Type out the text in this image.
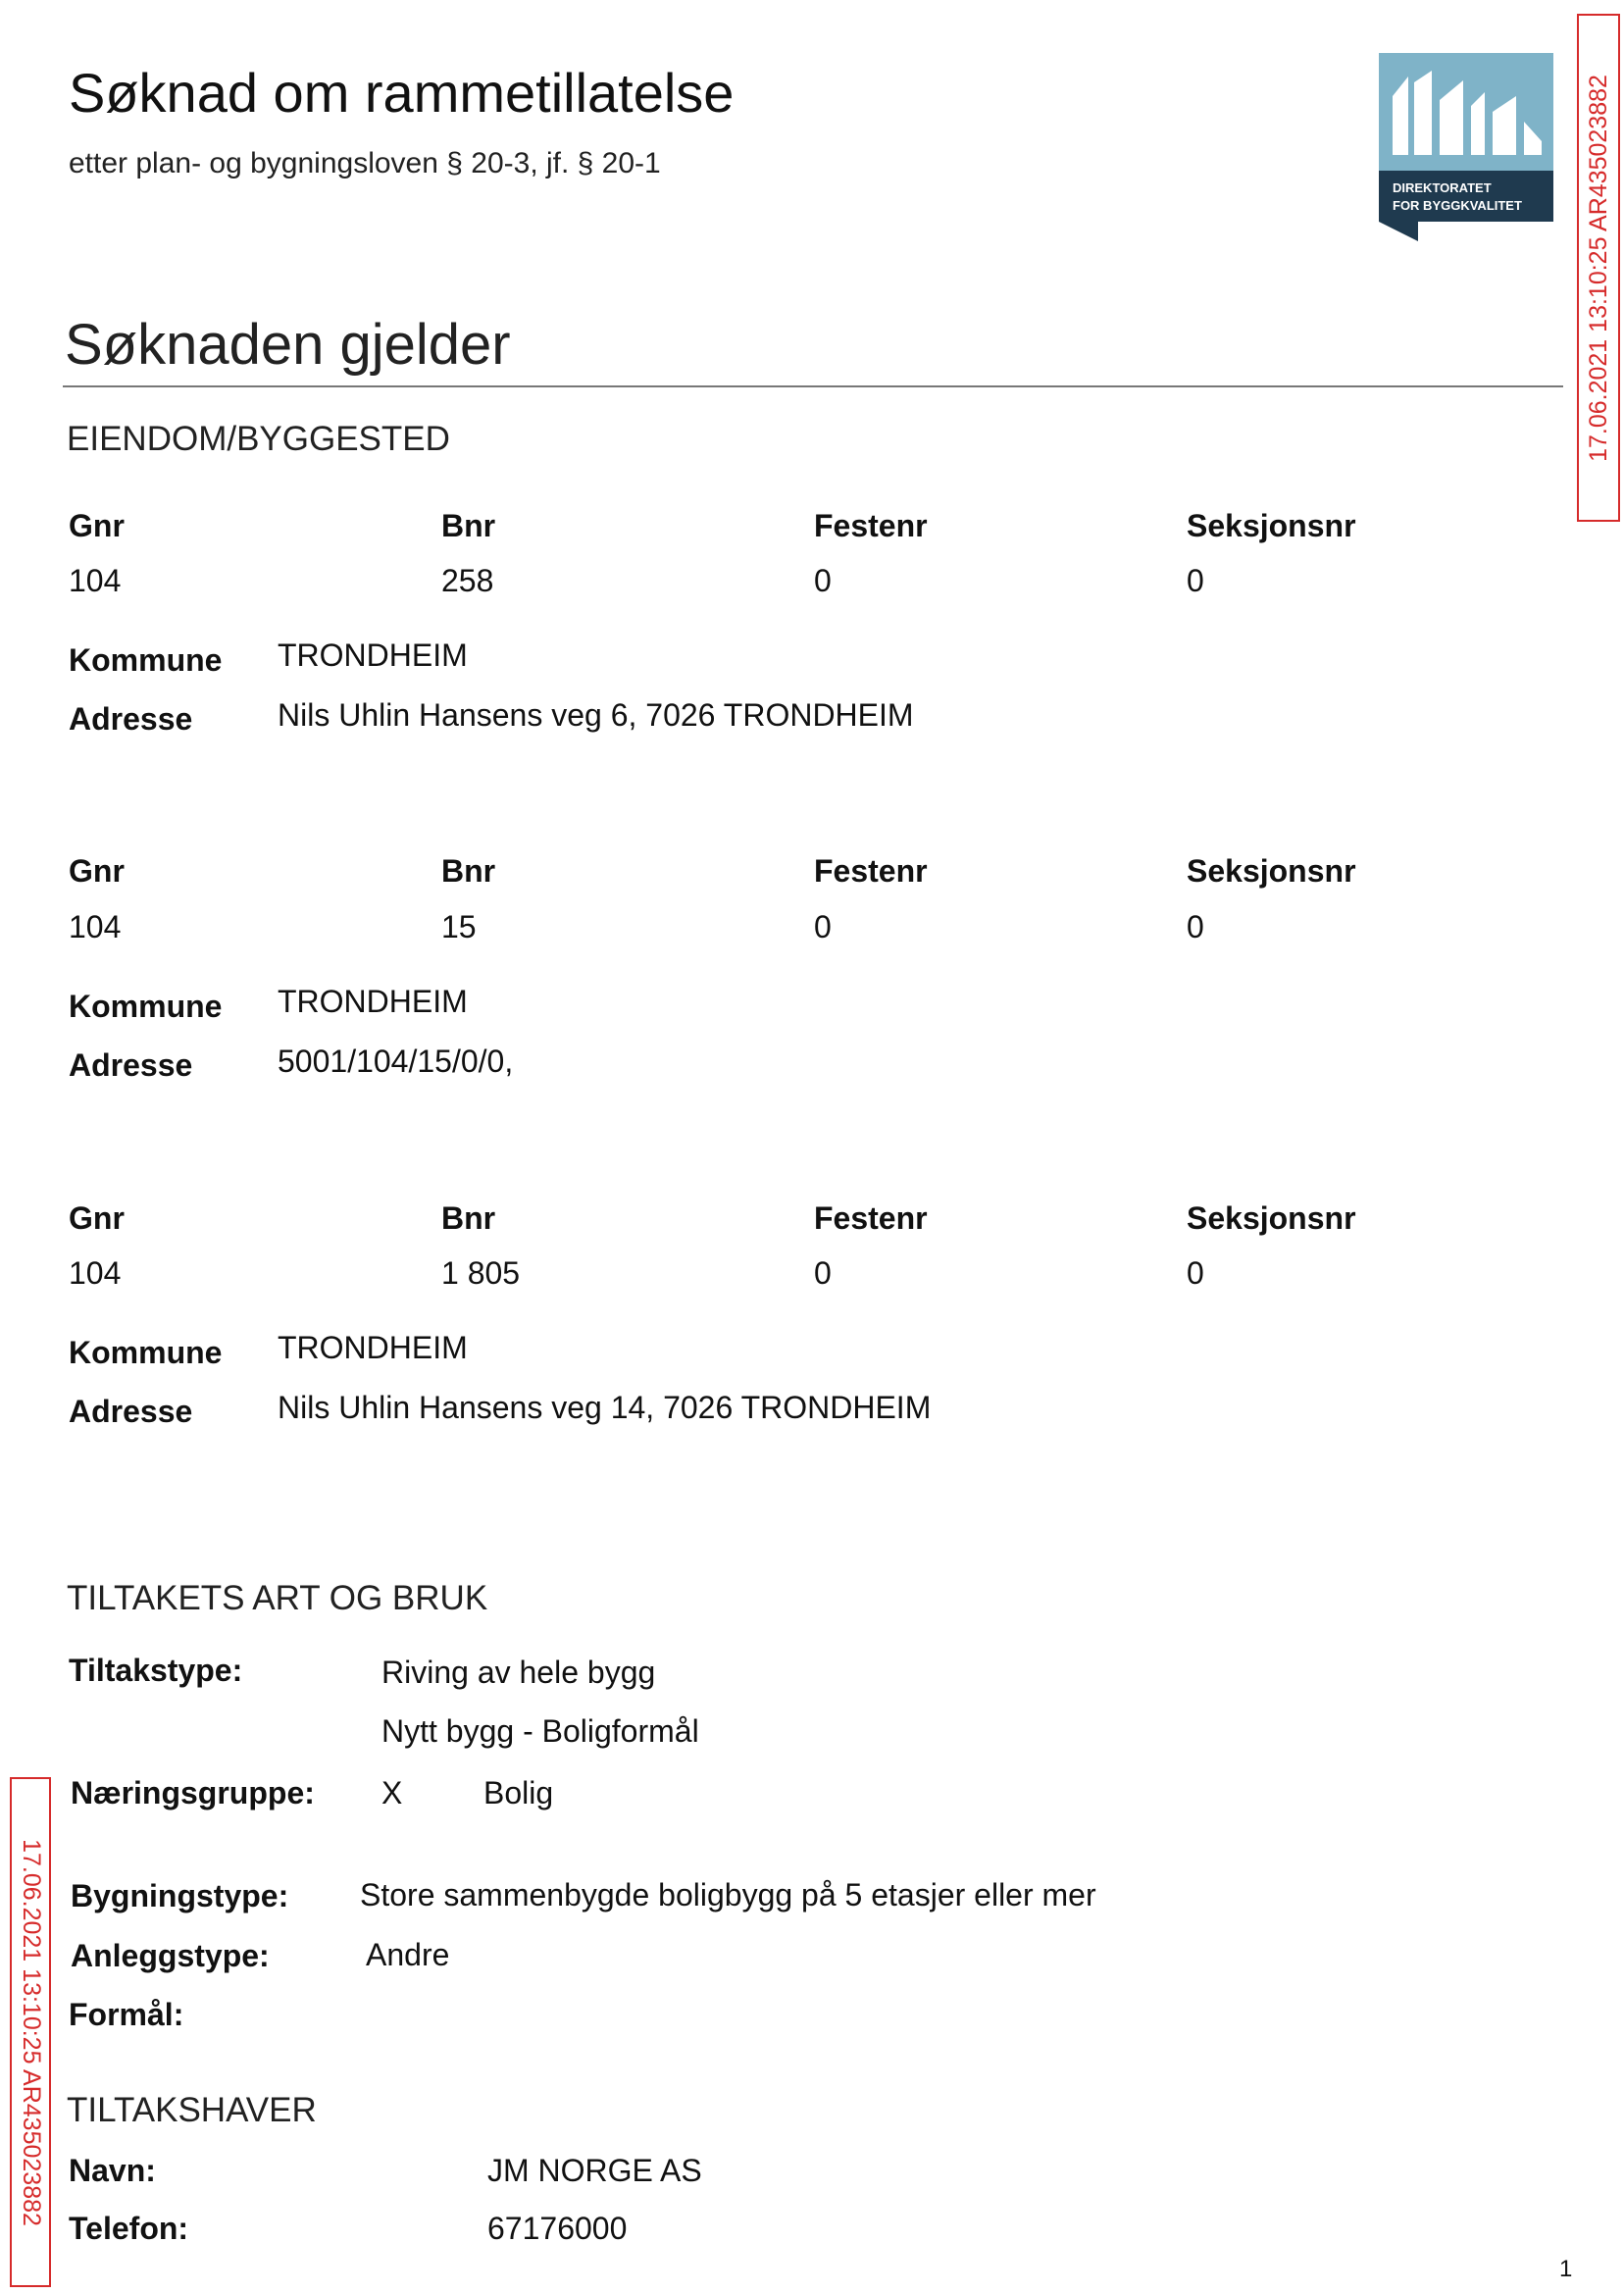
Søknad om rammetillatelse
etter plan- og bygningsloven § 20-3, jf. § 20-1
DIREKTORATET
FOR BYGGKVALITET	17.06.2021 13:10:25 AR435023882
17.06.2021 13:10:25 AR435023882
Søknaden gjelder
EIENDOM/BYGGESTED
Gnr	Bnr	Festenr	Seksjonsnr
104	258	0	0
Kommune TRONDHEIM
Adresse	Nils Uhlin Hansens veg 6, 7026 TRONDHEIM
Gnr	Bnr	Festenr	Seksjonsnr
104	15	0	0
Kommune TRONDHEIM
Adresse	5001/104/15/0/0,
Gnr	Bnr	Festenr	Seksjonsnr
104	1 805	0	0
Kommune TRONDHEIM
Adresse	Nils Uhlin Hansens veg 14, 7026 TRONDHEIM
TILTAKETS ART OG BRUK
Tiltakstype:	Riving av hele bygg
Nytt bygg - Boligformål
Næringsgruppe: X	Bolig
Bygningstype: Store sammenbygde boligbygg på 5 etasjer eller mer
Anleggstype:	Andre
Formål:
TILTAKSHAVER
Navn:	JM NORGE AS
Telefon:	67176000
1
